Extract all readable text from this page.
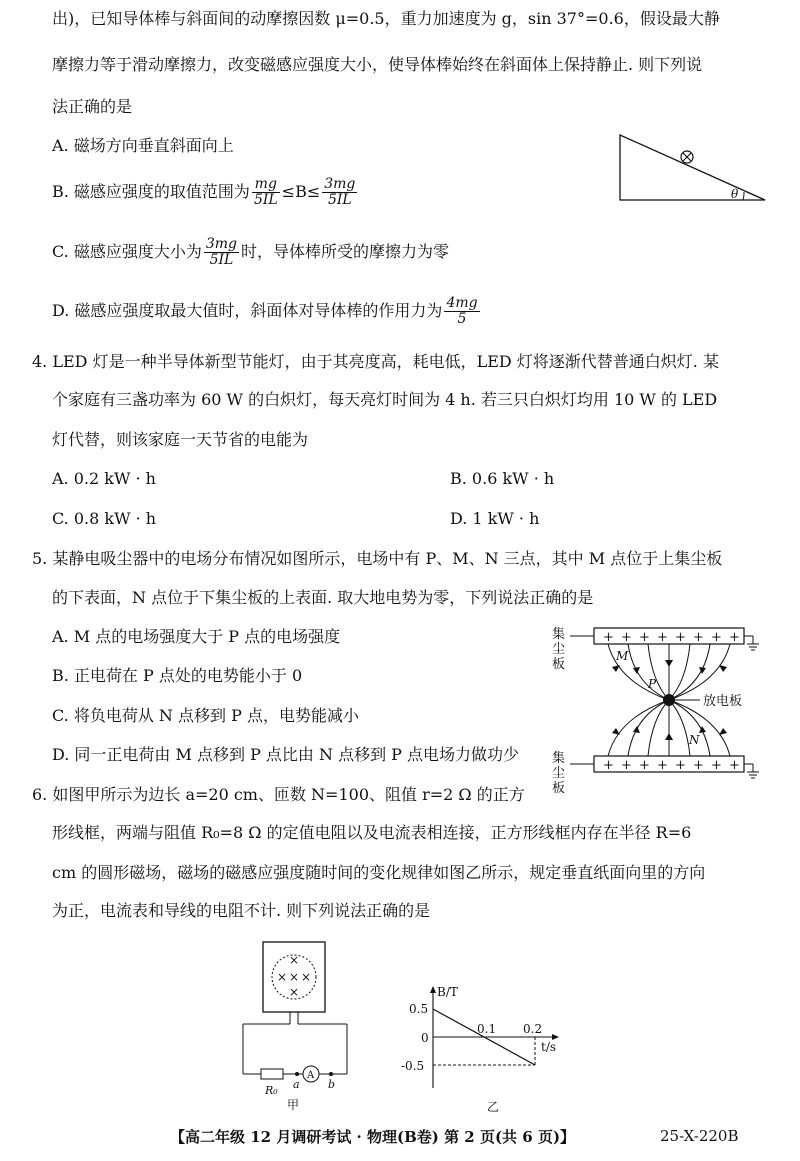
出)，已知导体棒与斜面间的动摩擦因数 μ=0.5，重力加速度为 g，sin 37°=0.6，假设最大静
摩擦力等于滑动摩擦力，改变磁感应强度大小，使导体棒始终在斜面体上保持静止. 则下列说
法正确的是
A. 磁场方向垂直斜面向上
B. 磁感应强度的取值范围为 $\frac{mg}{5IL} \le B\le \frac{3mg}{5IL}$
C. 磁感应强度大小为 $\frac{3mg}{5IL}$ 时，导体棒所受的摩擦力为零
D. 磁感应强度取最大值时，斜面体对导体棒的作用力为 $\frac{4mg}{5}$
θ
4. LED 灯是一种半导体新型节能灯，由于其亮度高，耗电低，LED 灯将逐渐代替普通白炽灯. 某
个家庭有三盏功率为 60 W 的白炽灯，每天亮灯时间为 4 h. 若三只白炽灯均用 10 W 的 LED
灯代替，则该家庭一天节省的电能为
A. 0.2 kW · h	B. 0.6 kW · h
C. 0.8 kW · h	D. 1 kW · h
5. 某静电吸尘器中的电场分布情况如图所示，电场中有 P、M、N 三点，其中 M 点位于上集尘板
的下表面，N 点位于下集尘板的上表面. 取大地电势为零，下列说法正确的是
A. M 点的电场强度大于 P 点的电场强度
B. 正电荷在 P 点处的电势能小于 0
C. 将负电荷从 N 点移到 P 点，电势能减小
D. 同一正电荷由 M 点移到 P 点比由 N 点移到 P 点电场力做功少
集
尘
板
集
尘
板
+ + + + + + + +
+ + + + + + + +
放电板
M
P
N
6. 如图甲所示为边长 a=20 cm、匝数 N=100、阻值 r=2 Ω 的正方
形线框，两端与阻值 R₀=8 Ω 的定值电阻以及电流表相连接，正方形线框内存在半径 R=6
cm 的圆形磁场，磁场的磁感应强度随时间的变化规律如图乙所示，规定垂直纸面向里的方向
为正，电流表和导线的电阻不计. 则下列说法正确的是
×
× × ×
×
A
R₀ a	b
甲
B/T
t/s
0.5
0
-0.5
0.1 0.2
乙
【高二年级 12 月调研考试 · 物理(B卷) 第 2 页(共 6 页)】	25-X-220B
